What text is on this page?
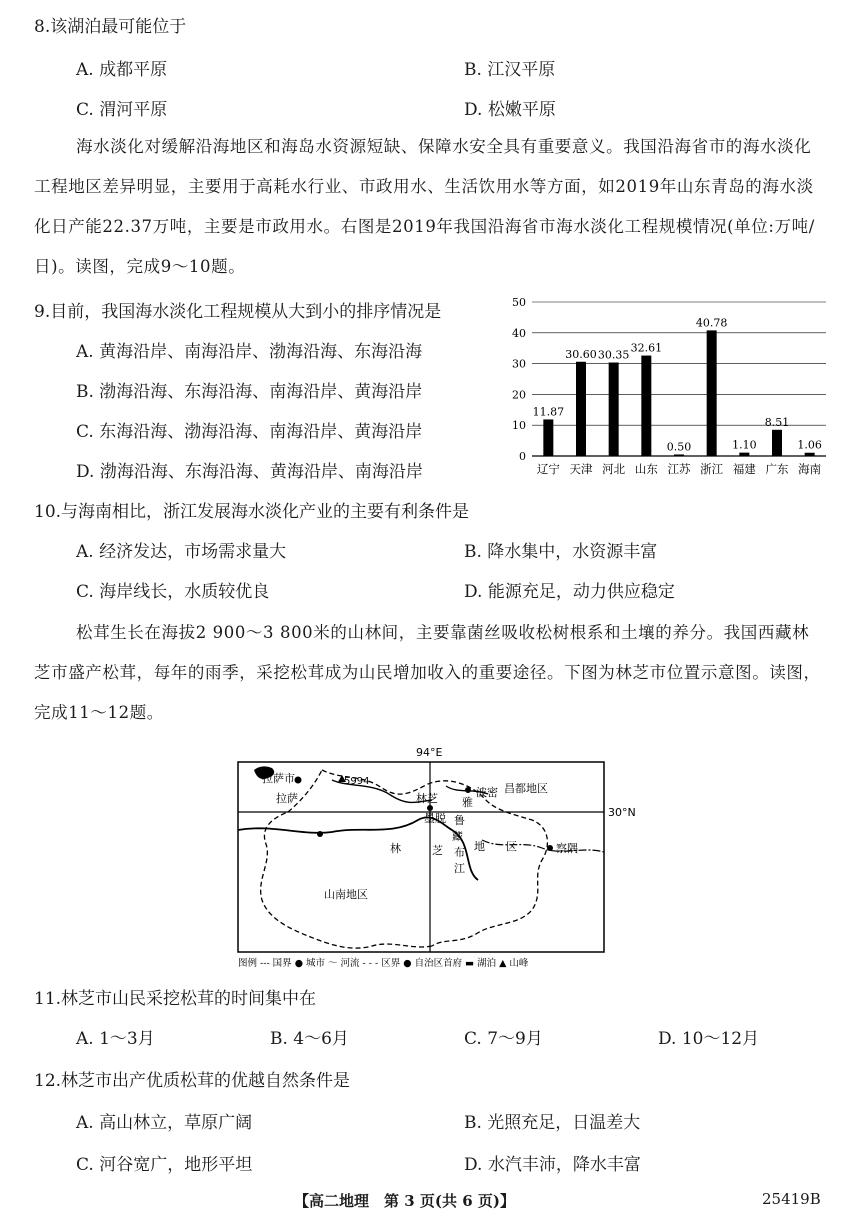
8.该湖泊最可能位于
A. 成都平原	B. 江汉平原
C. 渭河平原	D. 松嫩平原
海水淡化对缓解沿海地区和海岛水资源短缺、保障水安全具有重要意义。我国沿海省市的海水淡化工程地区差异明显，主要用于高耗水行业、市政用水、生活饮用水等方面，如2019年山东青岛的海水淡化日产能22.37万吨，主要是市政用水。右图是2019年我国沿海省市海水淡化工程规模情况(单位:万吨/日)。读图，完成9～10题。
9.目前，我国海水淡化工程规模从大到小的排序情况是
A. 黄海沿岸、南海沿岸、渤海沿海、东海沿海
B. 渤海沿海、东海沿海、南海沿岸、黄海沿岸
C. 东海沿海、渤海沿海、南海沿岸、黄海沿岸
D. 渤海沿海、东海沿海、黄海沿岸、南海沿岸
0
10
20
30
40
50
11.87
辽宁
30.60
天津
30.35
河北
32.61
山东
0.50
江苏
40.78
浙江
1.10
福建
8.51
广东
1.06
海南
10.与海南相比，浙江发展海水淡化产业的主要有利条件是
A. 经济发达，市场需求量大	B. 降水集中，水资源丰富
C. 海岸线长，水质较优良	D. 能源充足，动力供应稳定
松茸生长在海拔2 900～3 800米的山林间，主要靠菌丝吸收松树根系和土壤的养分。我国西藏林芝市盛产松茸，每年的雨季，采挖松茸成为山民增加收入的重要途径。下图为林芝市位置示意图。读图，完成11～12题。
94°E
30°N
拉萨市
拉萨
5994
林芝	波密 昌都地区
雅
墨脱 鲁
藏
布
江
林	芝	地 区	察隅
山南地区
图例 --- 国界 ● 城市 ～ 河流 - - - 区界 ● 自治区首府 ▬ 湖泊 ▲ 山峰
11.林芝市山民采挖松茸的时间集中在
A. 1～3月	B. 4～6月	C. 7～9月	D. 10～12月
12.林芝市出产优质松茸的优越自然条件是
A. 高山林立，草原广阔	B. 光照充足，日温差大
C. 河谷宽广，地形平坦	D. 水汽丰沛，降水丰富
【高二地理　第 3 页(共 6 页)】	25419B
